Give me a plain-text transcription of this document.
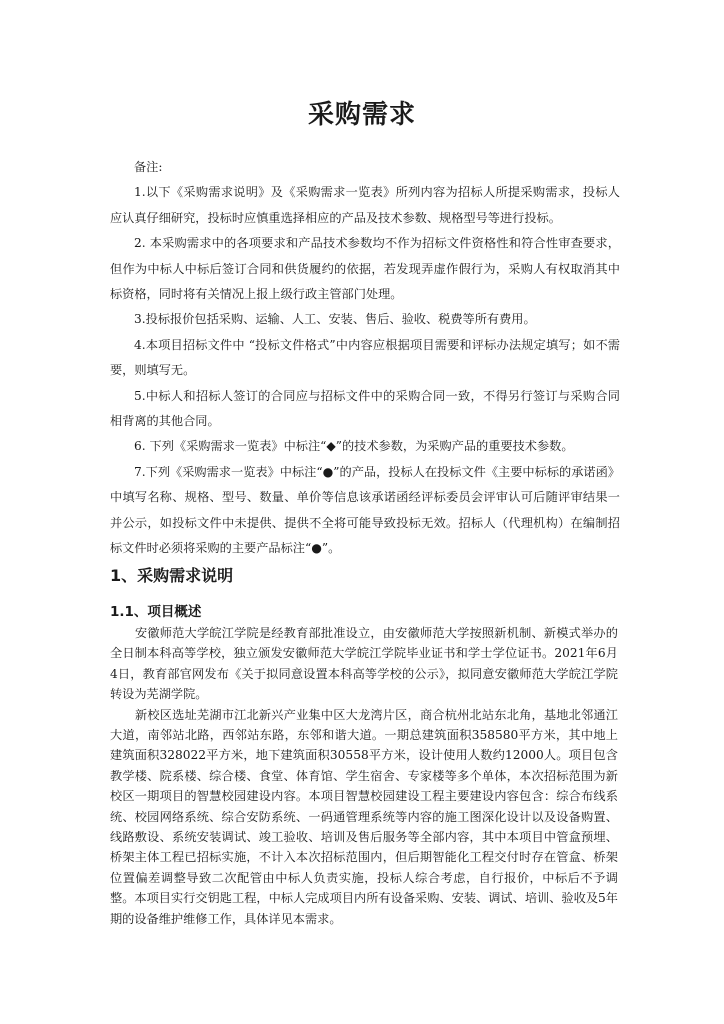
采购需求

备注:

1.以下《采购需求说明》及《采购需求一览表》所列内容为招标人所提采购需求，投标人应认真仔细研究，投标时应慎重选择相应的产品及技术参数、规格型号等进行投标。

2. 本采购需求中的各项要求和产品技术参数均不作为招标文件资格性和符合性审查要求，但作为中标人中标后签订合同和供货履约的依据，若发现弄虚作假行为，采购人有权取消其中标资格，同时将有关情况上报上级行政主管部门处理。

3.投标报价包括采购、运输、人工、安装、售后、验收、税费等所有费用。

4.本项目招标文件中 “投标文件格式”中内容应根据项目需要和评标办法规定填写；如不需要，则填写无。

5.中标人和招标人签订的合同应与招标文件中的采购合同一致，不得另行签订与采购合同相背离的其他合同。

6. 下列《采购需求一览表》中标注“◆”的技术参数，为采购产品的重要技术参数。

7.下列《采购需求一览表》中标注“●”的产品，投标人在投标文件《主要中标标的承诺函》中填写名称、规格、型号、数量、单价等信息该承诺函经评标委员会评审认可后随评审结果一并公示，如投标文件中未提供、提供不全将可能导致投标无效。招标人（代理机构）在编制招标文件时必须将采购的主要产品标注“●”。

1、采购需求说明
1.1、项目概述

安徽师范大学皖江学院是经教育部批准设立，由安徽师范大学按照新机制、新模式举办的全日制本科高等学校，独立颁发安徽师范大学皖江学院毕业证书和学士学位证书。2021年6月4日，教育部官网发布《关于拟同意设置本科高等学校的公示》，拟同意安徽师范大学皖江学院转设为芜湖学院。

新校区选址芜湖市江北新兴产业集中区大龙湾片区，商合杭州北站东北角，基地北邻通江大道，南邻站北路，西邻站东路，东邻和谐大道。一期总建筑面积358580平方米，其中地上建筑面积328022平方米，地下建筑面积30558平方米，设计使用人数约12000人。项目包含教学楼、院系楼、综合楼、食堂、体育馆、学生宿舍、专家楼等多个单体，本次招标范围为新校区一期项目的智慧校园建设内容。本项目智慧校园建设工程主要建设内容包含：综合布线系统、校园网络系统、综合安防系统、一码通管理系统等内容的施工图深化设计以及设备购置、线路敷设、系统安装调试、竣工验收、培训及售后服务等全部内容，其中本项目中管盒预埋、桥架主体工程已招标实施，不计入本次招标范围内，但后期智能化工程交付时存在管盒、桥架位置偏差调整导致二次配管由中标人负责实施，投标人综合考虑，自行报价，中标后不予调整。本项目实行交钥匙工程，中标人完成项目内所有设备采购、安装、调试、培训、验收及5年期的设备维护维修工作，具体详见本需求。
